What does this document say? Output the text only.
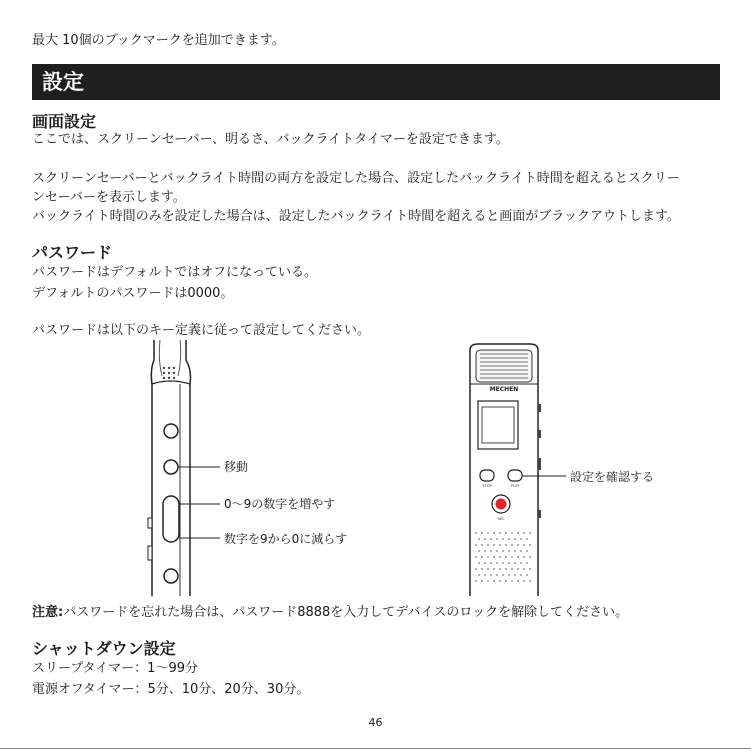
最大 10個のブックマークを追加できます。
設定
画面設定
ここでは、スクリーンセーバー、明るさ、バックライトタイマーを設定できます。
スクリーンセーバーとバックライト時間の両方を設定した場合、設定したバックライト時間を超えるとスクリー
ンセーバーを表示します。
バックライト時間のみを設定した場合は、設定したバックライト時間を超えると画面がブラックアウトします。
パスワード
パスワードはデフォルトではオフになっている。
デフォルトのパスワードは0000。
パスワードは以下のキー定義に従って設定してください。
移動
0～9の数字を増やす
数字を9から0に減らす
MECHEN
STOP	PLAY
REC
設定を確認する
注意:パスワードを忘れた場合は、パスワード8888を入力してデバイスのロックを解除してください。
シャットダウン設定
スリープタイマー：1～99分
電源オフタイマー：5分、10分、20分、30分。
46
